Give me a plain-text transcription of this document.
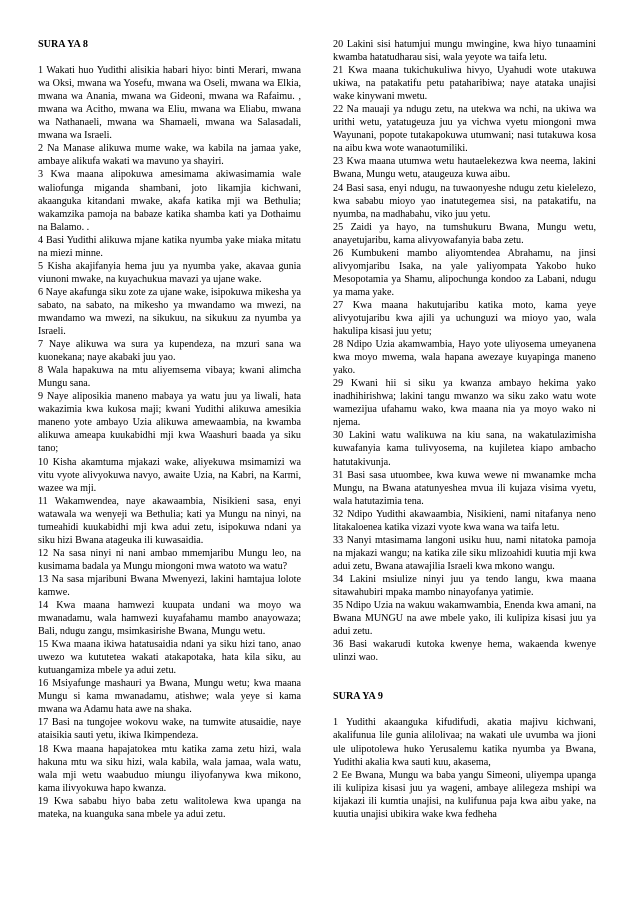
SURA YA 8

1 Wakati huo Yudithi alisikia habari hiyo: binti Merari, mwana wa Oksi, mwana wa Yosefu, mwana wa Oseli, mwana wa Elkia, mwana wa Anania, mwana wa Gideoni, mwana wa Rafaimu. , mwana wa Acitho, mwana wa Eliu, mwana wa Eliabu, mwana wa Nathanaeli, mwana wa Shamaeli, mwana wa Salasadali, mwana wa Israeli.

2 Na Manase alikuwa mume wake, wa kabila na jamaa yake, ambaye alikufa wakati wa mavuno ya shayiri.

3 Kwa maana alipokuwa amesimama akiwasimamia wale waliofunga miganda shambani, joto likamjia kichwani, akaanguka kitandani mwake, akafa katika mji wa Bethulia; wakamzika pamoja na babaze katika shamba kati ya Dothaimu na Balamo. .

4 Basi Yudithi alikuwa mjane katika nyumba yake miaka mitatu na miezi minne.

5 Kisha akajifanyia hema juu ya nyumba yake, akavaa gunia viunoni mwake, na kuyachukua mavazi ya ujane wake.

6 Naye akafunga siku zote za ujane wake, isipokuwa mikesha ya sabato, na sabato, na mikesho ya mwandamo wa mwezi, na mwandamo wa mwezi, na sikukuu, na sikukuu za nyumba ya Israeli.

7 Naye alikuwa wa sura ya kupendeza, na mzuri sana wa kuonekana; naye akabaki juu yao.

8 Wala hapakuwa na mtu aliyemsema vibaya; kwani alimcha Mungu sana.

9 Naye aliposikia maneno mabaya ya watu juu ya liwali, hata wakazimia kwa kukosa maji; kwani Yudithi alikuwa amesikia maneno yote ambayo Uzia alikuwa amewaambia, na kwamba alikuwa ameapa kuukabidhi mji kwa Waashuri baada ya siku tano;

10 Kisha akamtuma mjakazi wake, aliyekuwa msimamizi wa vitu vyote alivyokuwa navyo, awaite Uzia, na Kabri, na Karmi, wazee wa mji.

11 Wakamwendea, naye akawaambia, Nisikieni sasa, enyi watawala wa wenyeji wa Bethulia; kati ya Mungu na ninyi, na tumeahidi kuukabidhi mji kwa adui zetu, isipokuwa ndani ya siku hizi Bwana atageuka ili kuwasaidia.

12 Na sasa ninyi ni nani ambao mmemjaribu Mungu leo, na kusimama badala ya Mungu miongoni mwa watoto wa watu?

13 Na sasa mjaribuni Bwana Mwenyezi, lakini hamtajua lolote kamwe.

14 Kwa maana hamwezi kuupata undani wa moyo wa mwanadamu, wala hamwezi kuyafahamu mambo anayowaza; Bali, ndugu zangu, msimkasirishe Bwana, Mungu wetu.

15 Kwa maana ikiwa hatatusaidia ndani ya siku hizi tano, anao uwezo wa kututetea wakati atakapotaka, hata kila siku, au kutuangamiza mbele ya adui zetu.

16 Msiyafunge mashauri ya Bwana, Mungu wetu; kwa maana Mungu si kama mwanadamu, atishwe; wala yeye si kama mwana wa Adamu hata awe na shaka.

17 Basi na tungojee wokovu wake, na tumwite atusaidie, naye ataisikia sauti yetu, ikiwa Ikimpendeza.

18 Kwa maana hapajatokea mtu katika zama zetu hizi, wala hakuna mtu wa siku hizi, wala kabila, wala jamaa, wala watu, wala mji wetu waabuduo miungu iliyofanywa kwa mikono, kama ilivyokuwa hapo kwanza.

19 Kwa sababu hiyo baba zetu walitolewa kwa upanga na mateka, na kuanguka sana mbele ya adui zetu.

20 Lakini sisi hatumjui mungu mwingine, kwa hiyo tunaamini kwamba hatatudharau sisi, wala yeyote wa taifa letu.

21 Kwa maana tukichukuliwa hivyo, Uyahudi wote utakuwa ukiwa, na patakatifu petu pataharibiwa; naye atataka unajisi wake kinywani mwetu.

22 Na mauaji ya ndugu zetu, na utekwa wa nchi, na ukiwa wa urithi wetu, yatatugeuza juu ya vichwa vyetu miongoni mwa Wayunani, popote tutakapokuwa utumwani; nasi tutakuwa kosa na aibu kwa wote wanaotumiliki.

23 Kwa maana utumwa wetu hautaelekezwa kwa neema, lakini Bwana, Mungu wetu, ataugeuza kuwa aibu.

24 Basi sasa, enyi ndugu, na tuwaonyeshe ndugu zetu kielelezo, kwa sababu mioyo yao inatutegemea sisi, na patakatifu, na nyumba, na madhabahu, viko juu yetu.

25 Zaidi ya hayo, na tumshukuru Bwana, Mungu wetu, anayetujaribu, kama alivyowafanyia baba zetu.

26 Kumbukeni mambo aliyomtendea Abrahamu, na jinsi alivyomjaribu Isaka, na yale yaliyompata Yakobo huko Mesopotamia ya Shamu, alipochunga kondoo za Labani, ndugu ya mama yake.

27 Kwa maana hakutujaribu katika moto, kama yeye alivyotujaribu kwa ajili ya uchunguzi wa mioyo yao, wala hakulipa kisasi juu yetu;

28 Ndipo Uzia akamwambia, Hayo yote uliyosema umeyanena kwa moyo mwema, wala hapana awezaye kuyapinga maneno yako.

29 Kwani hii si siku ya kwanza ambayo hekima yako inadhihirishwa; lakini tangu mwanzo wa siku zako watu wote wamezijua ufahamu wako, kwa maana nia ya moyo wako ni njema.

30 Lakini watu walikuwa na kiu sana, na wakatulazimisha kuwafanyia kama tulivyosema, na kujiletea kiapo ambacho hatutakivunja.

31 Basi sasa utuombee, kwa kuwa wewe ni mwanamke mcha Mungu, na Bwana atatunyeshea mvua ili kujaza visima vyetu, wala hatutazimia tena.

32 Ndipo Yudithi akawaambia, Nisikieni, nami nitafanya neno litakaloenea katika vizazi vyote kwa wana wa taifa letu.

33 Nanyi mtasimama langoni usiku huu, nami nitatoka pamoja na mjakazi wangu; na katika zile siku mlizoahidi kuutia mji kwa adui zetu, Bwana atawajilia Israeli kwa mkono wangu.

34 Lakini msiulize ninyi juu ya tendo langu, kwa maana sitawahubiri mpaka mambo ninayofanya yatimie.

35 Ndipo Uzia na wakuu wakamwambia, Enenda kwa amani, na Bwana MUNGU na awe mbele yako, ili kulipiza kisasi juu ya adui zetu.

36 Basi wakarudi kutoka kwenye hema, wakaenda kwenye ulinzi wao.

SURA YA 9

1 Yudithi akaanguka kifudifudi, akatia majivu kichwani, akalifunua lile gunia alilolivaa; na wakati ule uvumba wa jioni ule ulipotolewa huko Yerusalemu katika nyumba ya Bwana, Yudithi akalia kwa sauti kuu, akasema,

2 Ee Bwana, Mungu wa baba yangu Simeoni, uliyempa upanga ili kulipiza kisasi juu ya wageni, ambaye alilegeza mshipi wa kijakazi ili kumtia unajisi, na kulifunua paja kwa aibu yake, na kuutia unajisi ubikira wake kwa fedheha
